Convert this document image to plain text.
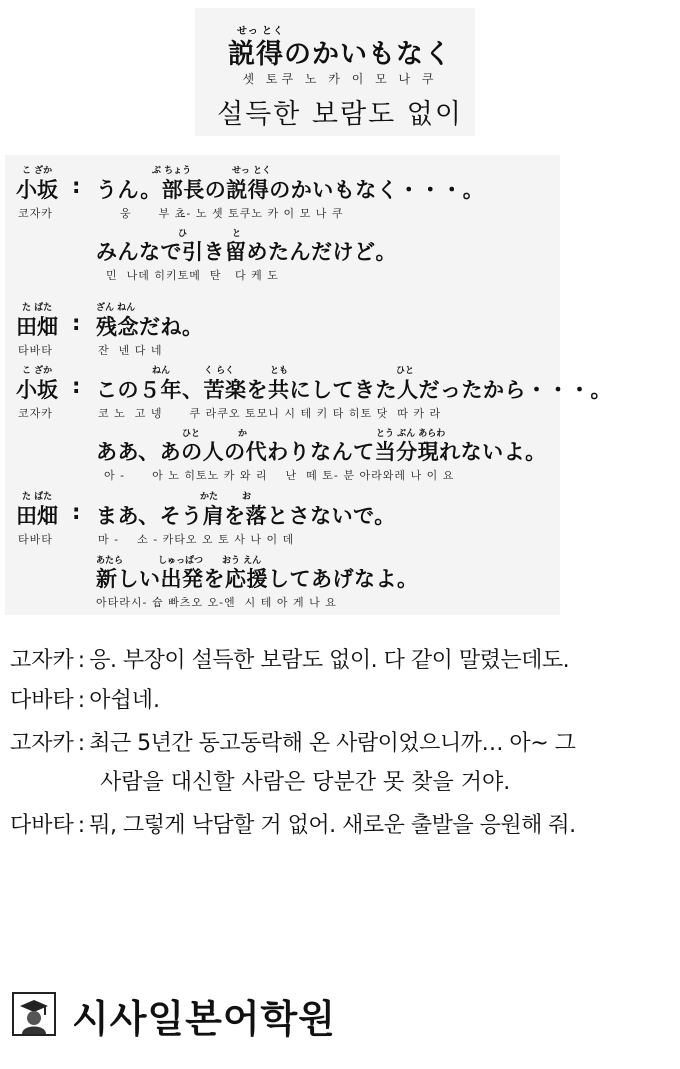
せっ とく
説得のかいもなく
셋 토쿠 노 카 이 모 나 쿠
설득한 보람도 없이
こ ざか	ぶ ちょう	せっ とく
小坂 : うん。部長の説得のかいもなく・・・。
코자카	웅      부 쵸- 노 셋 토쿠노 카 이 모 나 쿠
ひ	と
みんなで引き留めたんだけど。
민  나데 히키토메  탄   다 케 도
た ばた	ざん ねん
田畑 : 残念だね。
타바타	잔  넨 다 네
こ ざか	ねん	く らく	とも	ひと
小坂 : この５年、苦楽を共にしてきた人だったから・・・。
코자카	코 노  고 넹      쿠 라쿠오 토모니 시 테 키 타 히토 닷  따 카 라
ひと	か	とう ぶん あらわ
ああ、あの人の代わりなんて当分現れないよ。
아 -      아 노 히토노 카 와 리    난  떼 토- 분 아라와레 나 이 요
た ばた	かた	お
田畑 : まあ、そう肩を落とさないで。
타바타	마 -    소 - 카타오 오 토 사 나 이 데
あたら	しゅっぱつ おう えん
新しい出発を応援してあげなよ。
아타라시- 슙 빠츠오 오-엔  시 테 아 게 나 요
고자카 : 응. 부장이 설득한 보람도 없이. 다 같이 말렸는데도.
다바타 : 아쉽네.
고자카 : 최근 5년간 동고동락해 온 사람이었으니까… 아~ 그
사람을 대신할 사람은 당분간 못 찾을 거야.
다바타 : 뭐, 그렇게 낙담할 거 없어. 새로운 출발을 응원해 줘.
시사일본어학원
